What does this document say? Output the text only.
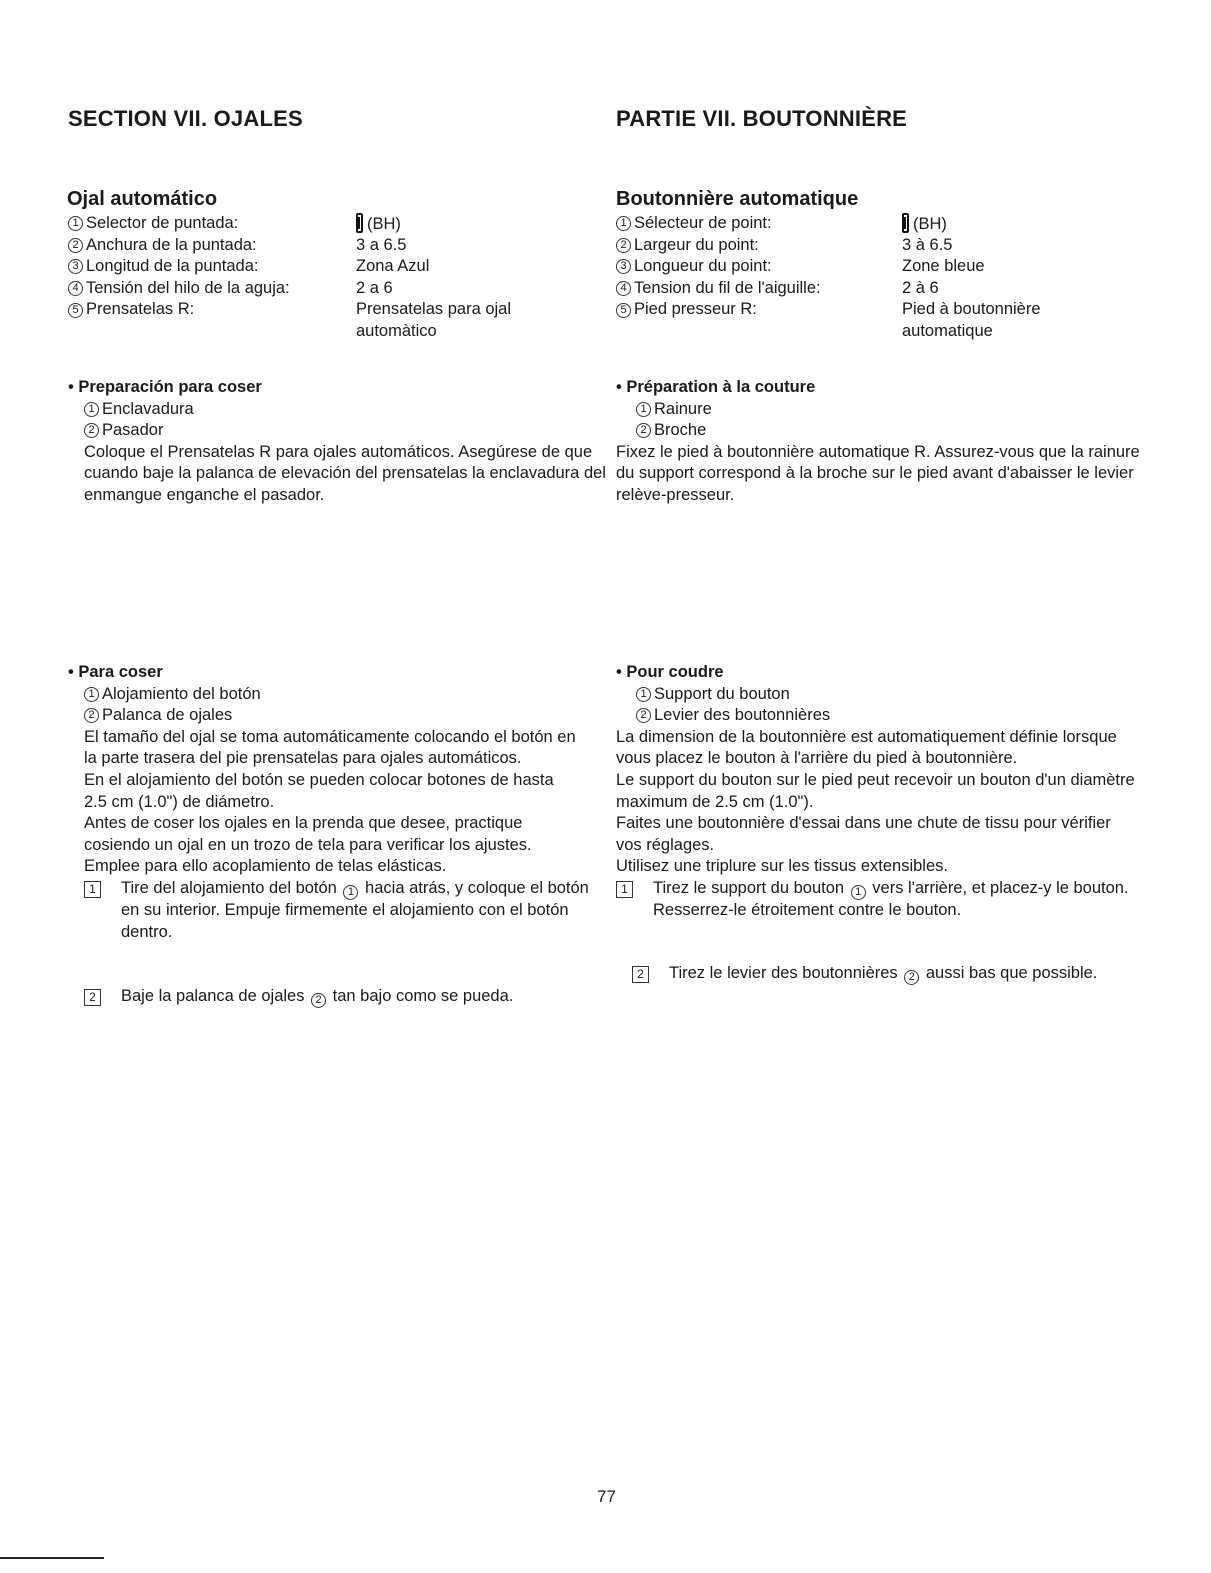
SECTION VII. OJALES
Ojal automático
1 Selector de puntada:	(BH)
2 Anchura de la puntada:	3 a 6.5
3 Longitud de la puntada:	Zona Azul
4 Tensión del hilo de la aguja:	2 a 6
5 Prensatelas R:	Prensatelas para ojal automàtico
• Preparación para coser
1 Enclavadura
2 Pasador

Coloque el Prensatelas R para ojales automáticos. Asegúrese de que cuando baje la palanca de elevación del prensatelas la enclavadura del enmangue enganche el pasador.

• Para coser
1 Alojamiento del botón
2 Palanca de ojales

El tamaño del ojal se toma automáticamente colocando el botón en la parte trasera del pie prensatelas para ojales automáticos.

En el alojamiento del botón se pueden colocar botones de hasta 2.5 cm (1.0") de diámetro.

Antes de coser los ojales en la prenda que desee, practique cosiendo un ojal en un trozo de tela para verificar los ajustes. Emplee para ello acoplamiento de telas elásticas.

1	Tire del alojamiento del botón 1 hacia atrás, y coloque el botón en su interior. Empuje firmemente el alojamiento con el botón dentro.
2	Baje la palanca de ojales 2 tan bajo como se pueda.
PARTIE VII. BOUTONNIÈRE
Boutonnière automatique
1 Sélecteur de point:	(BH)
2 Largeur du point:	3 à 6.5
3 Longueur du point:	Zone bleue
4 Tension du fil de l'aiguille:	2 à 6
5 Pied presseur R:	Pied à boutonnière automatique
• Préparation à la couture
1 Rainure
2 Broche

Fixez le pied à boutonnière automatique R. Assurez-vous que la rainure du support correspond à la broche sur le pied avant d'abaisser le levier relève-presseur.

• Pour coudre
1 Support du bouton
2 Levier des boutonnières

La dimension de la boutonnière est automatiquement définie lorsque vous placez le bouton à l'arrière du pied à boutonnière.

Le support du bouton sur le pied peut recevoir un bouton d'un diamètre maximum de 2.5 cm (1.0").

Faites une boutonnière d'essai dans une chute de tissu pour vérifier vos réglages.

Utilisez une triplure sur les tissus extensibles.

1	Tirez le support du bouton 1 vers l'arrière, et placez-y le bouton. Resserrez-le étroitement contre le bouton.
2	Tirez le levier des boutonnières 2 aussi bas que possible.
77
